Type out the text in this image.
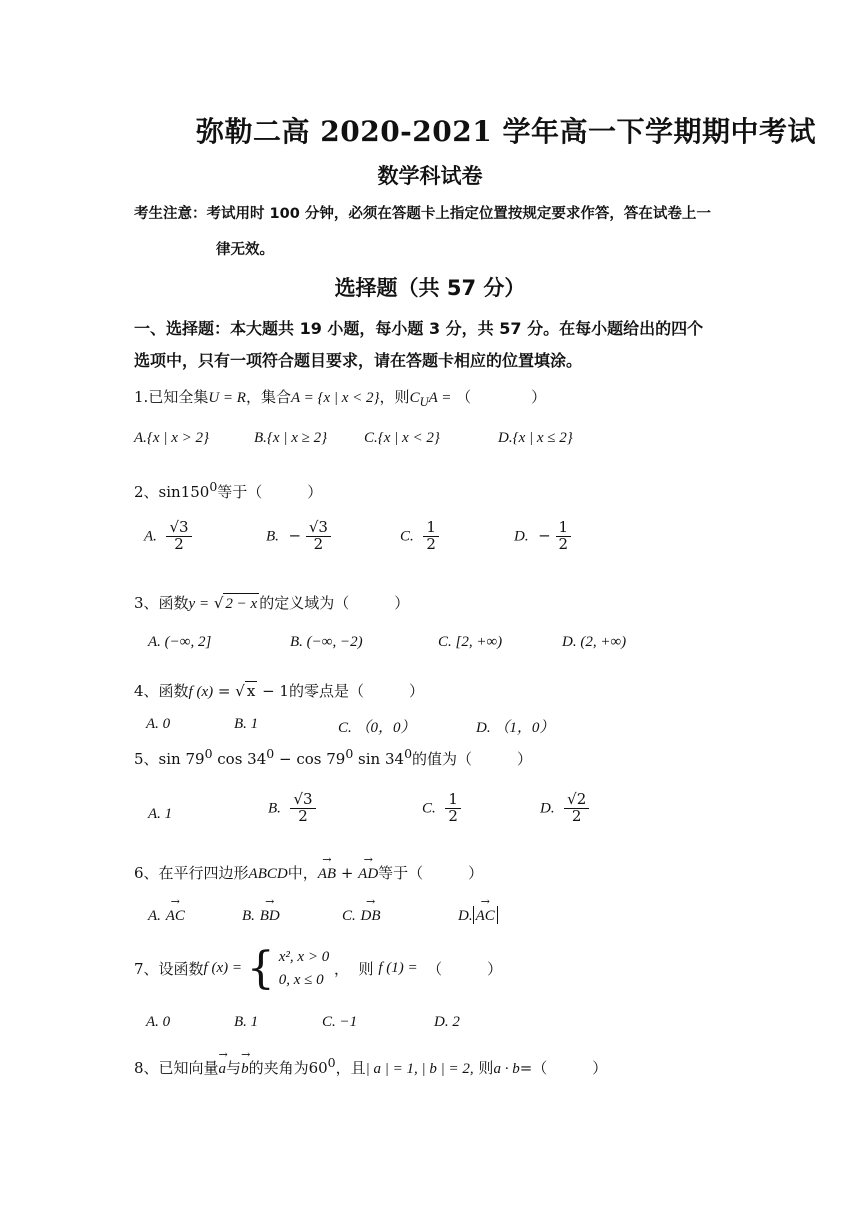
弥勒二高 2020-2021 学年高一下学期期中考试
数学科试卷
考生注意：考试用时 100 分钟，必须在答题卡上指定位置按规定要求作答，答在试卷上一
律无效。
选择题（共 57 分）
一、选择题：本大题共 19 小题，每小题 3 分，共 57 分。在每小题给出的四个
选项中，只有一项符合题目要求，请在答题卡相应的位置填涂。
1.已知全集U = R，集合A = {x | x < 2}，则$C_UA$ = （　　　　）
A.{x | x > 2}	B.{x | x ≥ 2} C.{x | x < 2}	D.{x | x ≤ 2}
2、$\sin 150^0$等于（　　　）
A. $\frac{√3}{2}$	B. − $\frac{√3}{2}$	C. $\frac{1}{2}$	D. − $\frac{1}{2}$
3、函数y = √ 2 − x 的定义域为（　　　）
A. (−∞, 2]	B. (−∞, −2)	C. [2, +∞)	D. (2, +∞)
4、函数f (x) = √ x − 1的零点是（　　　）
A. 0	B. 1	C. （0，0）	D. （1，0）
5、$\sin 79^0$ $\cos 34^0 - \cos 79^0$ $\sin 34^0$的值为（　　　）
A. 1	B. $\frac{√3}{2}$	C. $\frac{1}{2}$	D. $\frac{√2}{2}$
6、在平行四边形ABCD中，
→
AB +
→
AD等于（　　　）
A.
→
AC	B.
→
BD	C.
→
DB	D.
→
AC
7、设函数f (x) = { x², x > 0
0, x ≤ 0
， 则 f (1) = （　　　）
A. 0	B. 1	C. −1	D. 2
8、已知向量
→
a与
→
b的夹角为$60^0$，且| a | = 1, | b | = 2, 则a · b=（　　　）
